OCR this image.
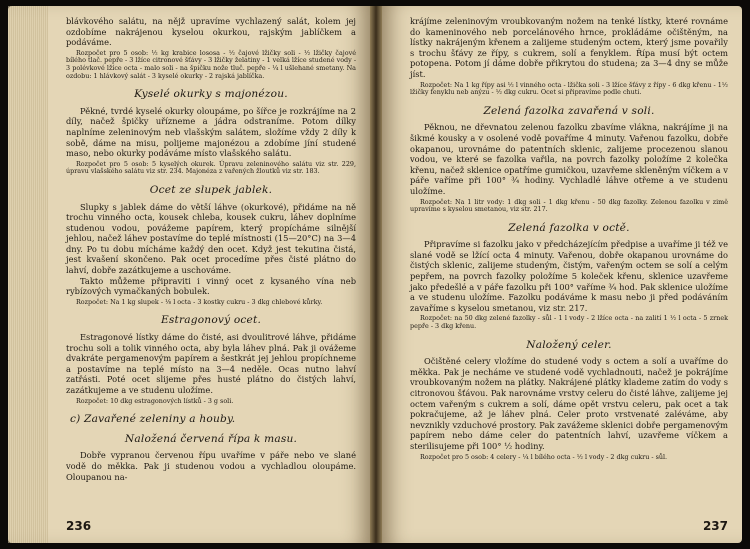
blávkového salátu, na nějž upravíme vychlazený salát, kolem jej ozdobíme nakrájenou kyselou okurkou, rajským jablíčkem a podáváme.

Rozpočet pro 5 osob: ½ kg krabice lososa - ½ čajové lžičky soli - ½ lžičky čajové bílého tlač. pepře - 3 lžíce citronové šťávy - 3 lžičky želatiny - 1 velká lžíce studené vody - 3 polévkové lžíce octa - malo soli - na špičku nože tluč. pepře - ¼ l ušlehané smetany. Na ozdobu: 1 hlávkový salát - 3 kyselé okurky - 2 rajská jablíčka.
Kyselé okurky s majonézou.

Pěkné, tvrdé kyselé okurky oloupáme, po šířce je rozkrájíme na 2 díly, načež špičky uřízneme a jádra odstraníme. Potom dílky naplníme zeleninovým neb vlašským salátem, složíme vždy 2 díly k sobě, dáme na misu, polijeme majonézou a zdobíme jíní studené maso, nebo okurky podáváme místo vlašského salátu.

Rozpočet pro 5 osob: 5 kyselých okurek. Úpravu zeleninového salátu viz str. 229, úpravu vlašského salátu viz str. 234. Majonéza z vařených žloutků viz str. 183.
Ocet ze slupek jablek.

Slupky s jablek dáme do větší láhve (okurkové), přidáme na ně trochu vinného octa, kousek chleba, kousek cukru, láhev doplníme studenou vodou, povážeme papírem, který propícháme silnější jehlou, načež láhev postavíme do teplé místnosti (15—20°C) na 3—4 dny. Po tu dobu mícháme každý den ocet. Když jest tekutina čistá, jest kvašení skončeno. Pak ocet procedíme přes čisté plátno do lahví, dobře zazátkujeme a uschováme.

Takto můžeme připraviti i vinný ocet z kysaného vína neb rybízových vymačkaných bobulek.

Rozpočet: Na 1 kg slupek - ⅛ l octa - 3 kostky cukru - 3 dkg chlebové kůrky.
Estragonový ocet.

Estragonové lístky dáme do čisté, asi dvoulitrové láhve, přidáme trochu soli a tolik vinného octa, aby byla láhev plná. Pak ji ovážeme dvakráte pergamenovým papírem a šestkrát jej jehlou propíchneme a postavíme na teplé místo na 3—4 neděle. Ocas nutno lahví zatřásti. Poté ocet slijeme přes husté plátno do čistých lahví, zazátkujeme a ve studenu uložíme.

Rozpočet: 10 dkg estragonových lístků - 3 g soli.
c) Zavařené zeleniny a houby.
Naložená červená řípa k masu.

Dobře vypranou červenou řípu uvaříme v páře nebo ve slané vodě do měkka. Pak ji studenou vodou a vychladlou oloupáme. Oloupanou na-

236

krájíme zeleninovým vroubkovaným nožem na tenké lístky, které rovnáme do kameninového neb porcelánového hrnce, prokládáme očištěným, na lístky nakrájeným křenem a zalijeme studeným octem, který jsme povařily s trochu šťávy ze řípy, s cukrem, solí a fenyklem. Řípa musí být octem potopena. Potom jí dáme dobře přikrytou do studena; za 3—4 dny se může jíst.

Rozpočet: Na 1 kg řípy asi ½ l vinného octa - lžička soli - 3 lžíce šťávy z řípy - 6 dkg křenu - 1½ lžičky fenyklu neb anýzu - ½ dkg cukru. Ocet si připravíme podle chuti.
Zelená fazolka zavařená v soli.

Pěknou, ne dřevnatou zelenou fazolku zbavíme vlákna, nakrájíme ji na šikmé kousky a v osolené vodě povaříme 4 minuty. Vařenou fazolku, dobře okapanou, urovnáme do patentních sklenic, zalijeme procezenou slanou vodou, ve které se fazolka vařila, na povrch fazolky položíme 2 kolečka křenu, načež sklenice opatříme gumičkou, uzavřeme skleněným víčkem a v páře vaříme při 100° ¾ hodiny. Vychladlé láhve otřeme a ve studenu uložíme.

Rozpočet: Na 1 litr vody: 1 dkg soli - 1 dkg křenu - 50 dkg fazolky. Zelenou fazolku v zimě upravíme s kyselou smetanou, viz str. 217.
Zelená fazolka v octě.

Připravíme si fazolku jako v předcházejícím předpise a uvaříme ji též ve slané vodě se lžící octa 4 minuty. Vařenou, dobře okapanou urovnáme do čistých sklenic, zalijeme studeným, čistým, vařeným octem se solí a celým pepřem, na povrch fazolky položíme 5 koleček křenu, sklenice uzavřeme jako předešlé a v páře fazolku při 100° vaříme ¾ hod. Pak sklenice uložíme a ve studenu uložíme. Fazolku podáváme k masu nebo ji před podáváním zavaříme s kyselou smetanou, viz str. 217.

Rozpočet: na 50 dkg zelené fazolky - sůl - 1 l vody - 2 lžíce octa - na zalití 1 ½ l octa - 5 zrnek pepře - 3 dkg křenu.
Naložený celer.

Očištěné celery vložíme do studené vody s octem a solí a uvaříme do měkka. Pak je necháme ve studené vodě vychladnouti, načež je pokrájíme vroubkovaným nožem na plátky. Nakrájené plátky klademe zatím do vody s citronovou šťávou. Pak narovnáme vrstvy celeru do čisté láhve, zalijeme jej octem vařeným s cukrem a solí, dáme opět vrstvu celeru, pak ocet a tak pokračujeme, až je láhev plná. Celer proto vrstvenaté zaléváme, aby nevznikly vzduchové prostory. Pak zavážeme sklenici dobře pergamenovým papírem nebo dáme celer do patentních lahví, uzavřeme víčkem a sterilisujeme při 100° ½ hodiny.

Rozpočet pro 5 osob: 4 celery - ¼ l bílého octa - ½ l vody - 2 dkg cukru - sůl.
237
